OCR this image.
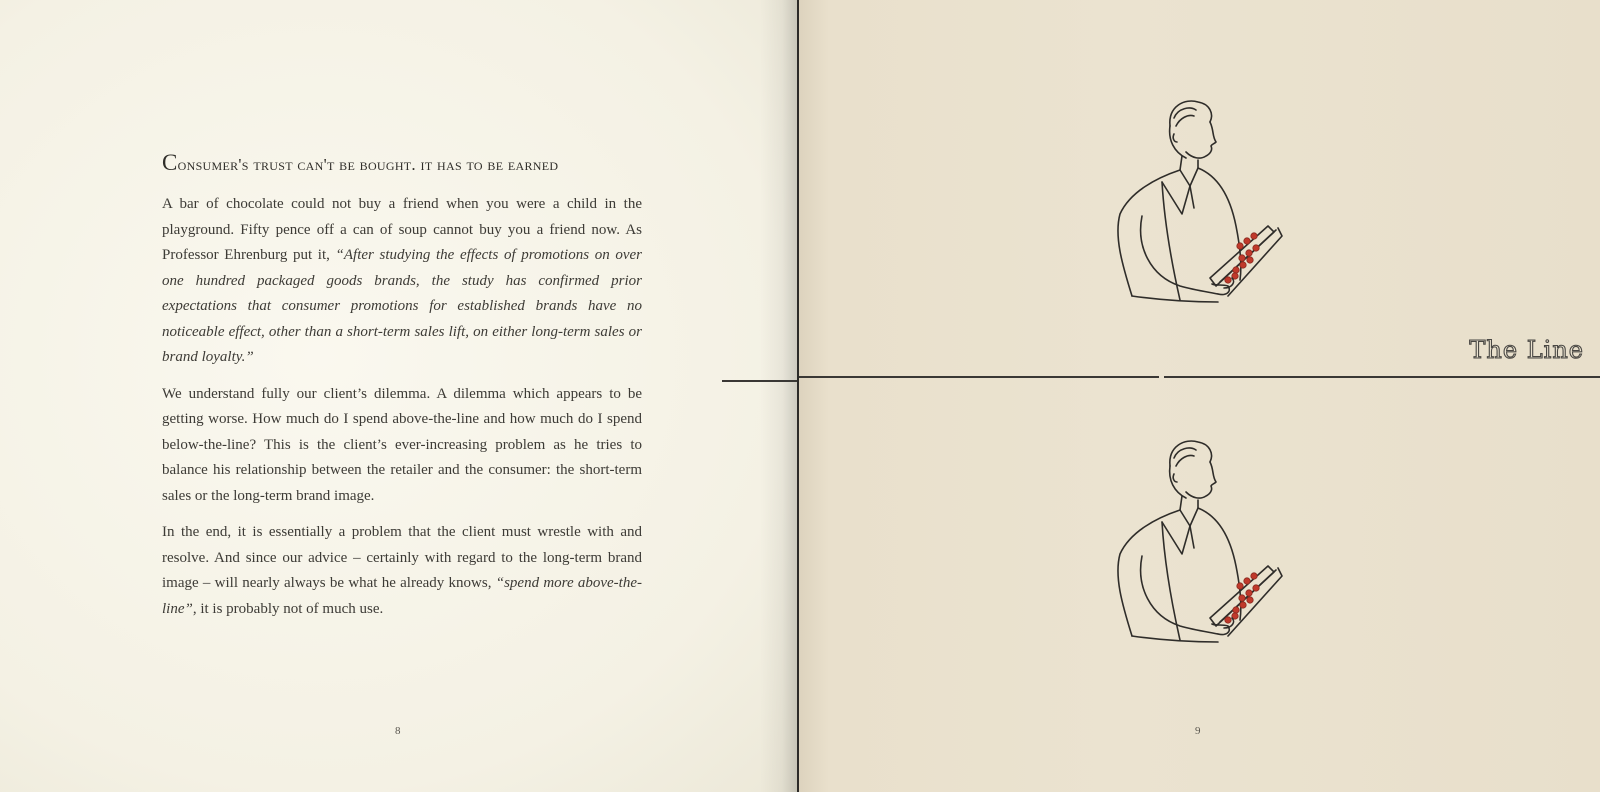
Consumer's trust can't be bought. it has to be earned

A bar of chocolate could not buy a friend when you were a child in the playground. Fifty pence off a can of soup cannot buy you a friend now. As Professor Ehrenburg put it, “After studying the effects of promotions on over one hundred packaged goods brands, the study has confirmed prior expectations that consumer promotions for established brands have no noticeable effect, other than a short-term sales lift, on either long-term sales or brand loyalty.”

We understand fully our client’s dilemma. A dilemma which appears to be getting worse. How much do I spend above-the-line and how much do I spend below-the-line? This is the client’s ever-increasing problem as he tries to balance his relationship between the retailer and the consumer: the short-term sales or the long-term brand image.

In the end, it is essentially a problem that the client must wrestle with and resolve. And since our advice – certainly with regard to the long-term brand image – will nearly always be what he already knows, “spend more above-the-line”, it is probably not of much use.

8	9
The Line
